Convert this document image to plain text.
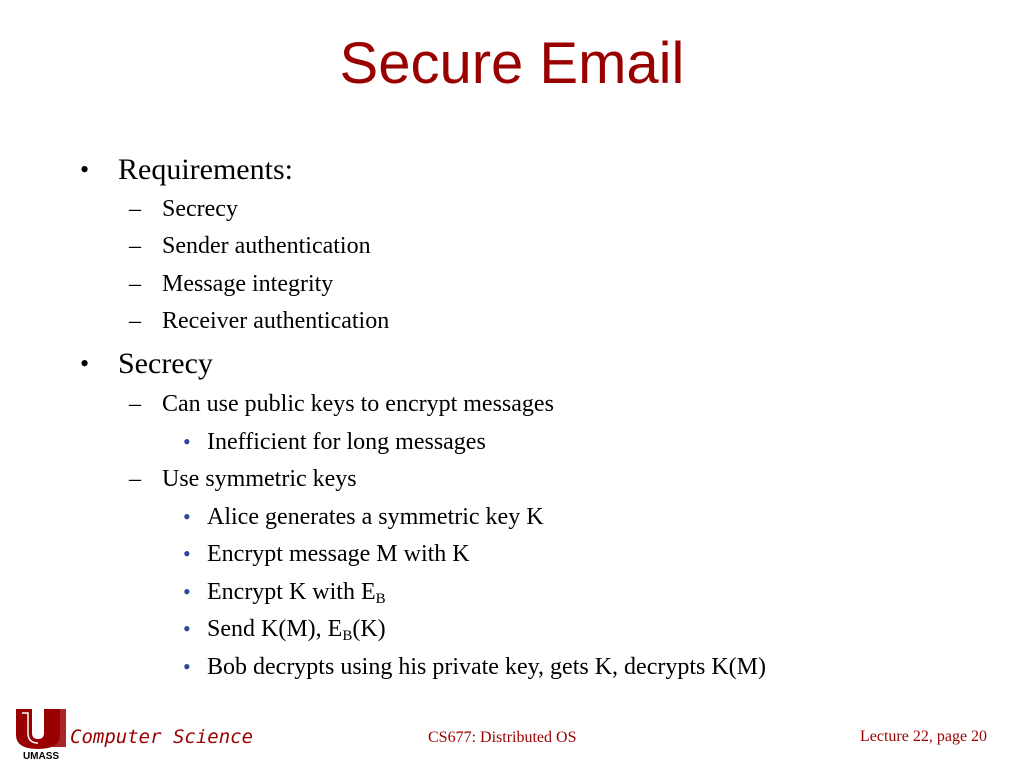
Secure Email
• Requirements:
– Secrecy
– Sender authentication
– Message integrity
– Receiver authentication
• Secrecy
– Can use public keys to encrypt messages
• Inefficient for long messages
– Use symmetric keys
• Alice generates a symmetric key K
• Encrypt message M with K
• Encrypt K with $E_B$
• Send K(M), $E_B(K)$
• Bob decrypts using his private key, gets K, decrypts K(M)
UMASS
Computer Science	CS677: Distributed OS	Lecture 22, page 20
